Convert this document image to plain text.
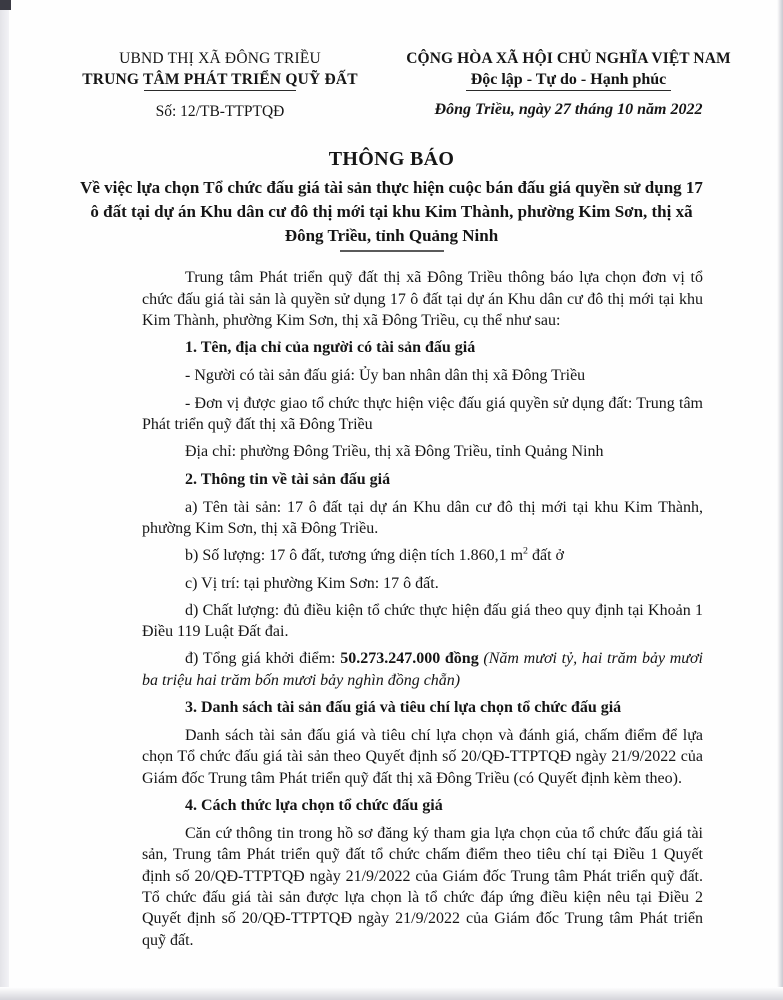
UBND THỊ XÃ ĐÔNG TRIỀU
TRUNG TÂM PHÁT TRIỂN QUỸ ĐẤT
Số: 12/TB-TTPTQĐ
CỘNG HÒA XÃ HỘI CHỦ NGHĨA VIỆT NAM
Độc lập - Tự do - Hạnh phúc
Đông Triều, ngày 27 tháng 10 năm 2022
THÔNG BÁO
Về việc lựa chọn Tổ chức đấu giá tài sản thực hiện cuộc bán đấu giá quyền sử dụng 17 ô đất tại dự án Khu dân cư đô thị mới tại khu Kim Thành, phường Kim Sơn, thị xã Đông Triều, tỉnh Quảng Ninh

Trung tâm Phát triển quỹ đất thị xã Đông Triều thông báo lựa chọn đơn vị tổ chức đấu giá tài sản là quyền sử dụng 17 ô đất tại dự án Khu dân cư đô thị mới tại khu Kim Thành, phường Kim Sơn, thị xã Đông Triều, cụ thể như sau:

1. Tên, địa chỉ của người có tài sản đấu giá

- Người có tài sản đấu giá: Ủy ban nhân dân thị xã Đông Triều

- Đơn vị được giao tổ chức thực hiện việc đấu giá quyền sử dụng đất: Trung tâm Phát triển quỹ đất thị xã Đông Triều

Địa chỉ: phường Đông Triều, thị xã Đông Triều, tỉnh Quảng Ninh

2. Thông tin về tài sản đấu giá

a) Tên tài sản: 17 ô đất tại dự án Khu dân cư đô thị mới tại khu Kim Thành, phường Kim Sơn, thị xã Đông Triều.

b) Số lượng: 17 ô đất, tương ứng diện tích 1.860,1 $m^2$ đất ở

c) Vị trí: tại phường Kim Sơn: 17 ô đất.

d) Chất lượng: đủ điều kiện tổ chức thực hiện đấu giá theo quy định tại Khoản 1 Điều 119 Luật Đất đai.

đ) Tổng giá khởi điểm: 50.273.247.000 đồng (Năm mươi tỷ, hai trăm bảy mươi ba triệu hai trăm bốn mươi bảy nghìn đồng chẵn)

3. Danh sách tài sản đấu giá và tiêu chí lựa chọn tổ chức đấu giá

Danh sách tài sản đấu giá và tiêu chí lựa chọn và đánh giá, chấm điểm để lựa chọn Tổ chức đấu giá tài sản theo Quyết định số 20/QĐ-TTPTQĐ ngày 21/9/2022 của Giám đốc Trung tâm Phát triển quỹ đất thị xã Đông Triều (có Quyết định kèm theo).

4. Cách thức lựa chọn tổ chức đấu giá

Căn cứ thông tin trong hồ sơ đăng ký tham gia lựa chọn của tổ chức đấu giá tài sản, Trung tâm Phát triển quỹ đất tổ chức chấm điểm theo tiêu chí tại Điều 1 Quyết định số 20/QĐ-TTPTQĐ ngày 21/9/2022 của Giám đốc Trung tâm Phát triển quỹ đất. Tổ chức đấu giá tài sản được lựa chọn là tổ chức đáp ứng điều kiện nêu tại Điều 2 Quyết định số 20/QĐ-TTPTQĐ ngày 21/9/2022 của Giám đốc Trung tâm Phát triển quỹ đất.
